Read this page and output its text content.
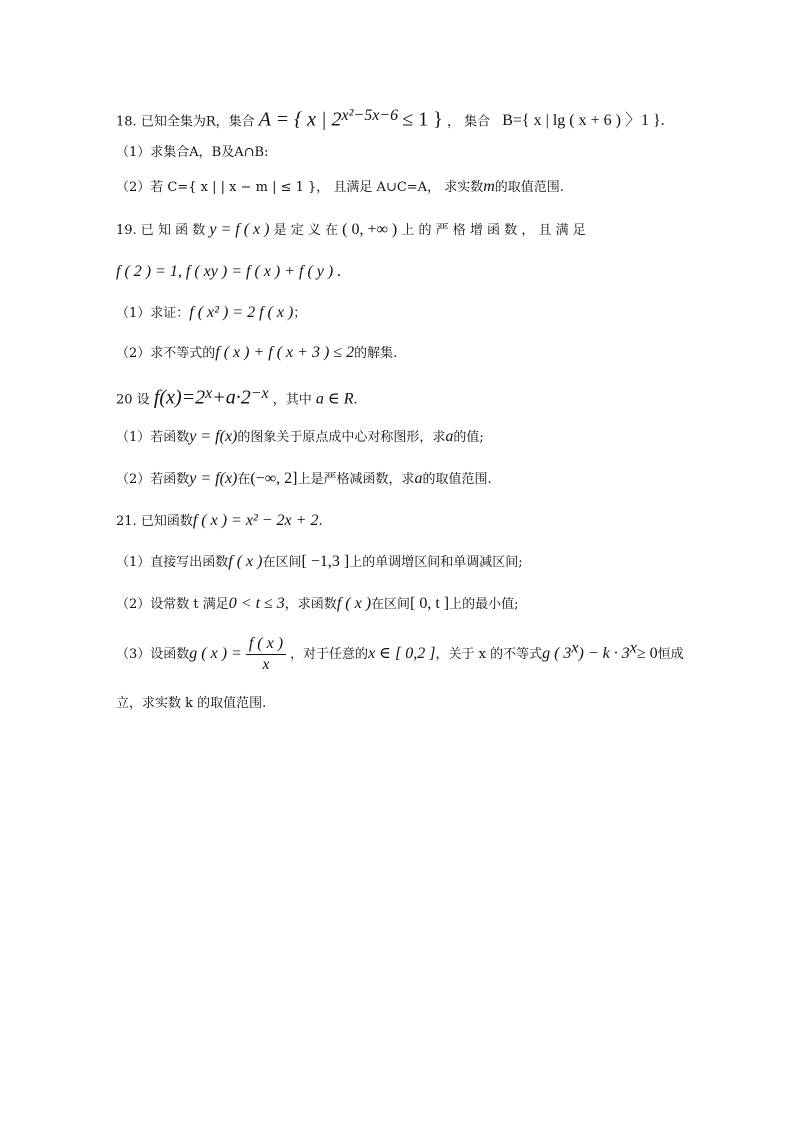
18. 已知全集为R，集合 A = { x | $2^{x^2-5x-6} \le 1$ } ， 集合 B={ x | lg ( x + 6 ) 〉1 }.
（1）求集合A，B及A∩B:
（2）若 C={ x | | x − m | ≤ 1 }， 且满足 A∪C=A， 求实数m的取值范围.
19. 已 知 函 数 y = f ( x ) 是 定 义 在 ( 0, +∞ ) 上 的 严 格 增 函 数 ， 且 满 足
f ( 2 ) = 1, f ( xy ) = f ( x ) + f ( y ) .
（1）求证：f ( x² ) = 2 f ( x )；
（2）求不等式的f ( x ) + f ( x + 3 ) ≤ 2的解集.
20 设 $f(x)=2^x+a\cdot 2^{-x}$ ，其中 a ∈ R.
（1）若函数y = f(x)的图象关于原点成中心对称图形，求a的值;
（2）若函数y = f(x)在(−∞, 2]上是严格减函数，求a的取值范围.
21. 已知函数f ( x ) = x² − 2x + 2.
（1）直接写出函数f ( x )在区间[ −1,3 ]上的单调增区间和单调减区间;
（2）设常数 t 满足0 < t ≤ 3，求函数f ( x )在区间[ 0, t ]上的最小值;
（3）设函数g ( x ) = $\frac{f ( x )}{x}$ ，对于任意的x ∈ [ 0,2 ]，关于 x 的不等式g ( $3^x) - k \cdot 3^x\ge 0$恒成
立，求实数 k 的取值范围.
